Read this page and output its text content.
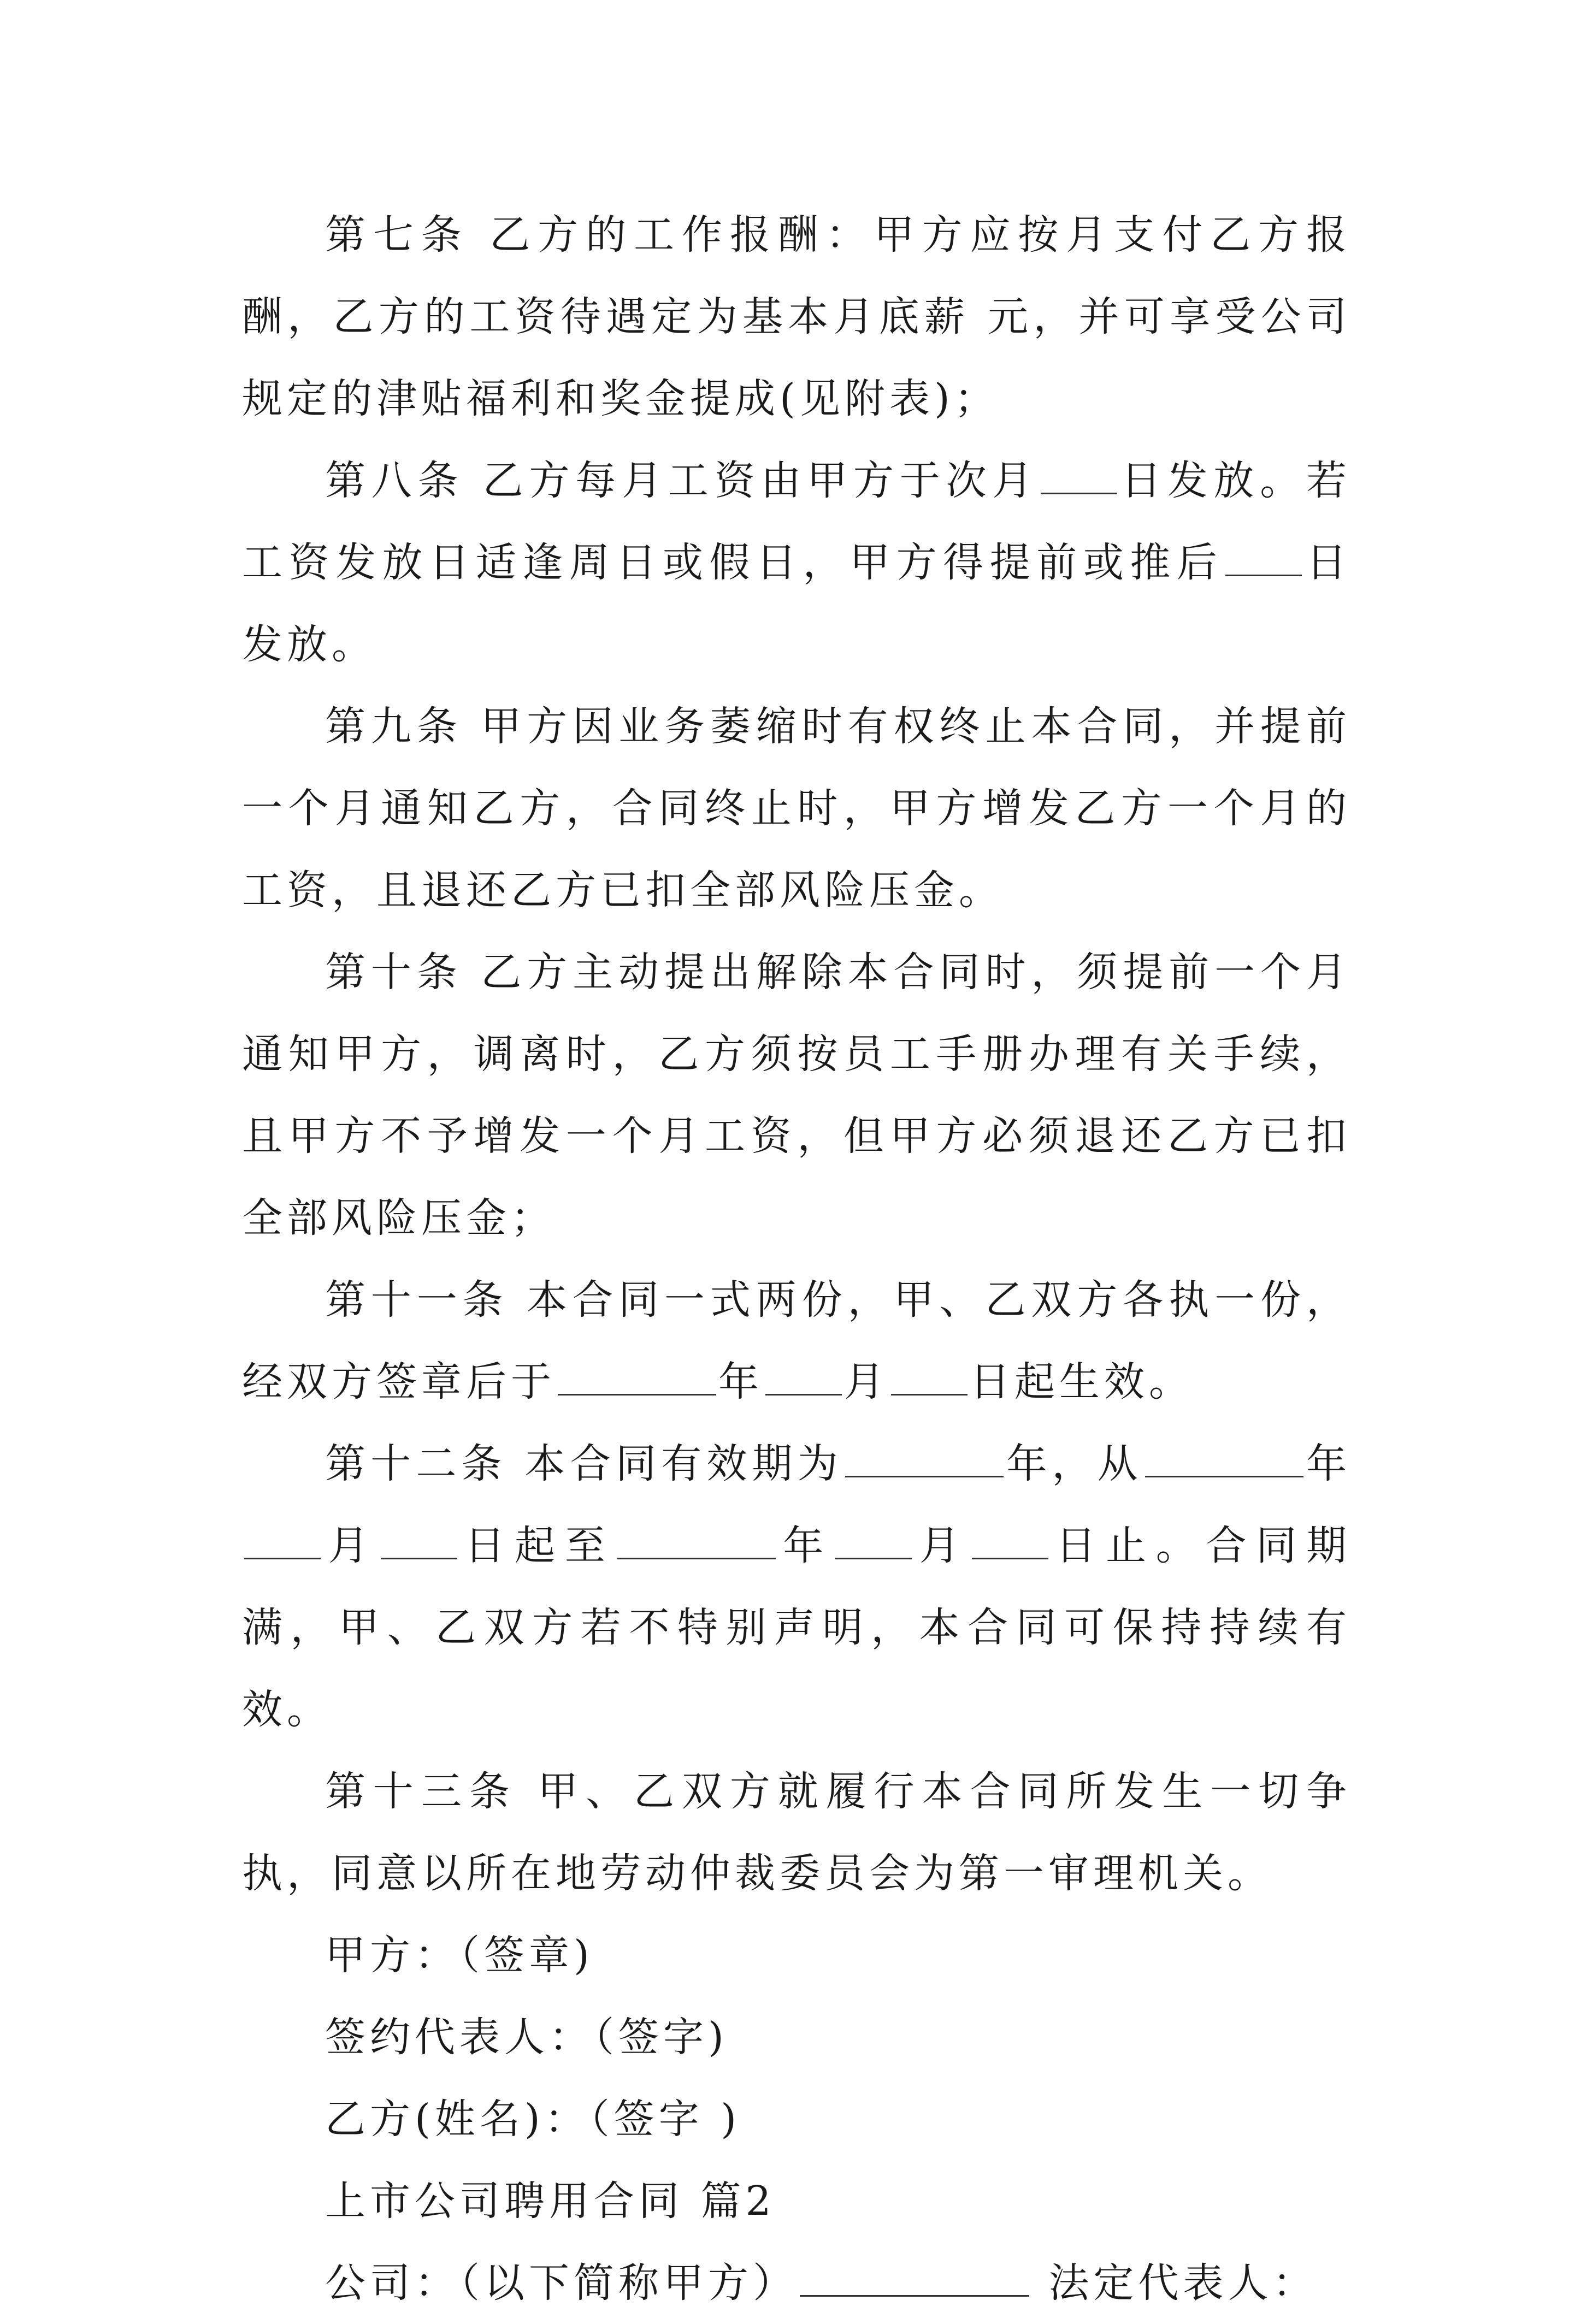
第七条 乙方的工作报酬：甲方应按月支付乙方报酬，乙方的工资待遇定为基本月底薪 元，并可享受公司规定的津贴福利和奖金提成(见附表)；

第八条 乙方每月工资由甲方于次月 日发放。若工资发放日适逢周日或假日，甲方得提前或推后 日发放。

第九条 甲方因业务萎缩时有权终止本合同，并提前一个月通知乙方，合同终止时，甲方增发乙方一个月的工资，且退还乙方已扣全部风险压金。

第十条 乙方主动提出解除本合同时，须提前一个月通知甲方，调离时，乙方须按员工手册办理有关手续，且甲方不予增发一个月工资，但甲方必须退还乙方已扣全部风险压金；

第十一条 本合同一式两份，甲、乙双方各执一份，经双方签章后于	年 月 日起生效。

第十二条 本合同有效期为	年，从	年月 日起至	年 月 日止。合同期满，甲、乙双方若不特别声明，本合同可保持持续有效。

第十三条 甲、乙双方就履行本合同所发生一切争执，同意以所在地劳动仲裁委员会为第一审理机关。

甲方：（签章)

签约代表人：（签字)

乙方(姓名)：（签字 )

上市公司聘用合同 篇2

公司：（以下简称甲方）	法定代表人：
